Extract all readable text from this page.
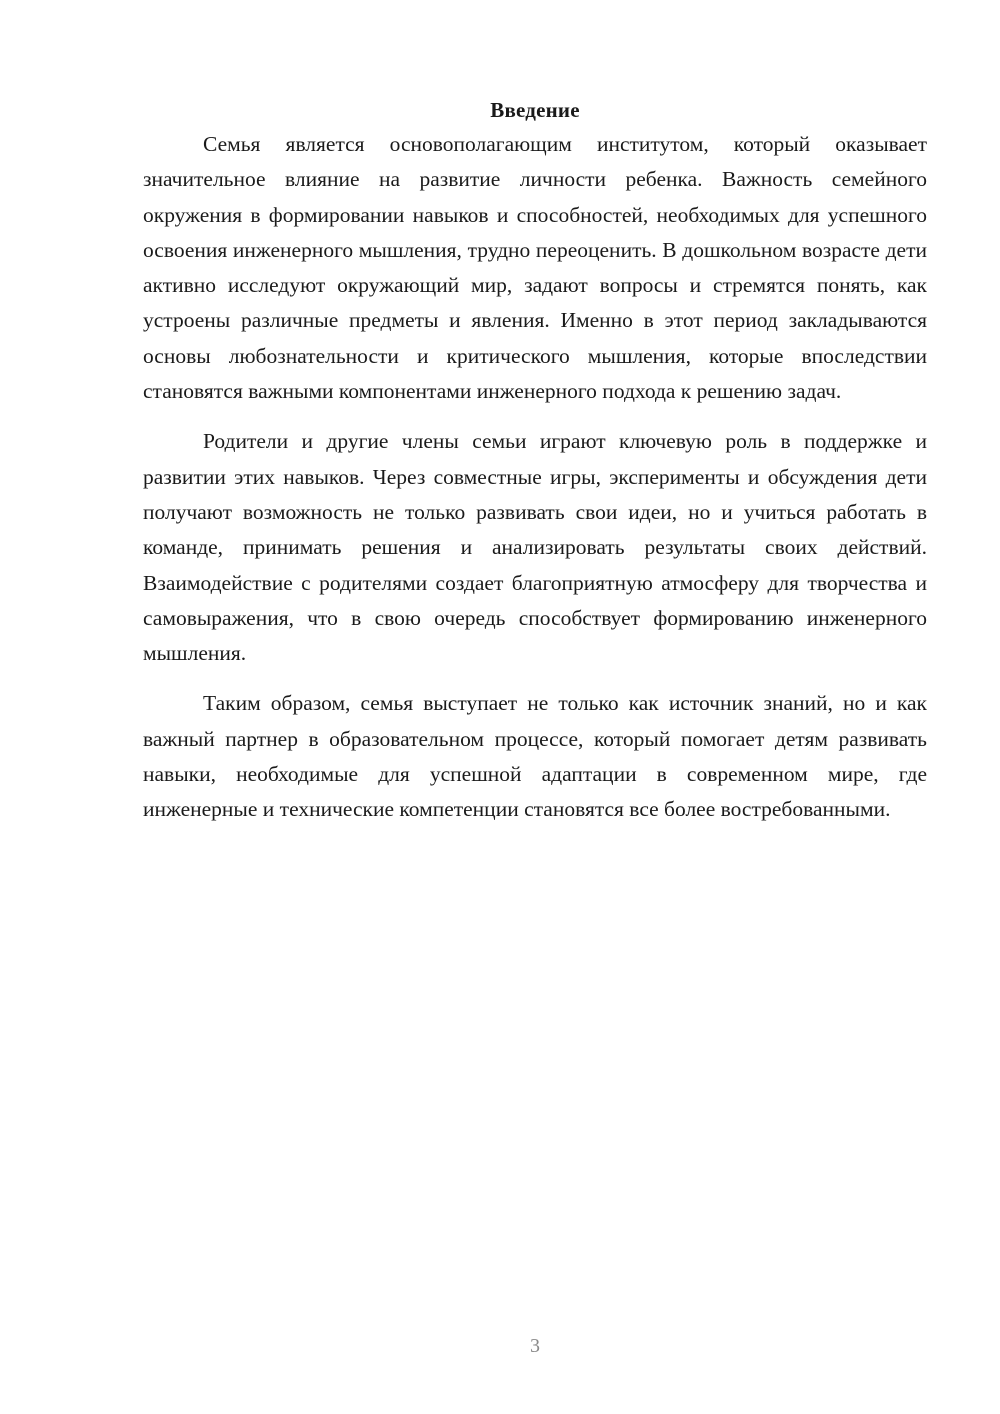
Введение

Семья является основополагающим институтом, который оказывает значительное влияние на развитие личности ребенка. Важность семейного окружения в формировании навыков и способностей, необходимых для успешного освоения инженерного мышления, трудно переоценить. В дошкольном возрасте дети активно исследуют окружающий мир, задают вопросы и стремятся понять, как устроены различные предметы и явления. Именно в этот период закладываются основы любознательности и критического мышления, которые впоследствии становятся важными компонентами инженерного подхода к решению задач.

Родители и другие члены семьи играют ключевую роль в поддержке и развитии этих навыков. Через совместные игры, эксперименты и обсуждения дети получают возможность не только развивать свои идеи, но и учиться работать в команде, принимать решения и анализировать результаты своих действий. Взаимодействие с родителями создает благоприятную атмосферу для творчества и самовыражения, что в свою очередь способствует формированию инженерного мышления.

Таким образом, семья выступает не только как источник знаний, но и как важный партнер в образовательном процессе, который помогает детям развивать навыки, необходимые для успешной адаптации в современном мире, где инженерные и технические компетенции становятся все более востребованными.

3
